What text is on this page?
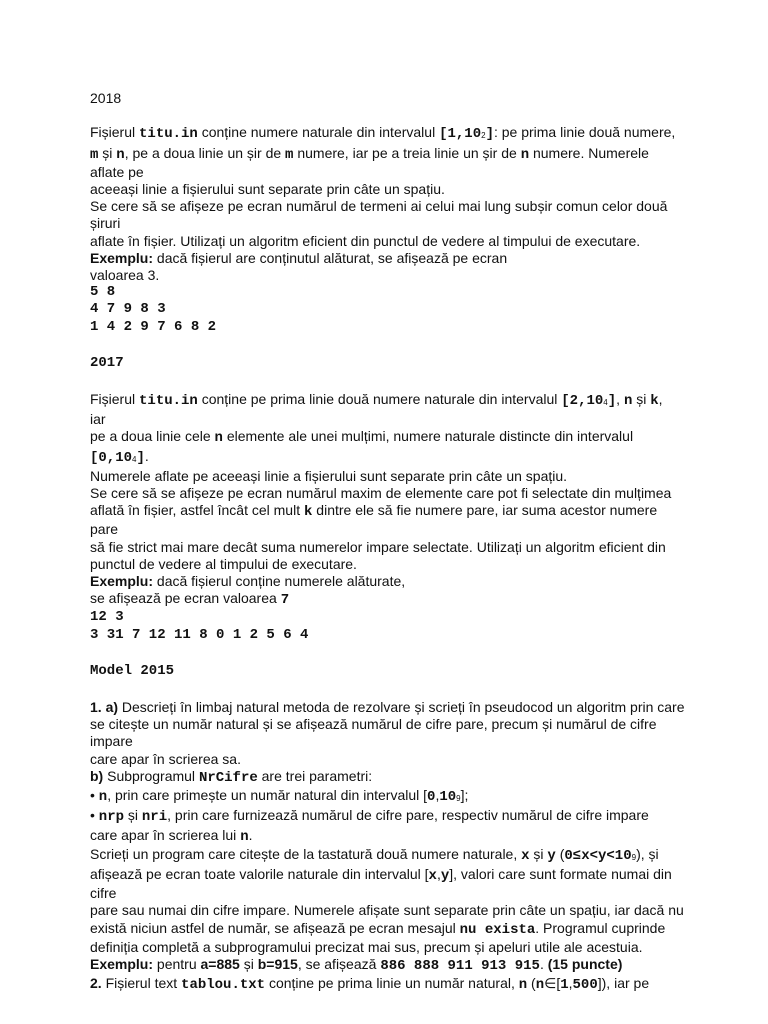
2018
Fișierul titu.in conține numere naturale din intervalul $[1,10_2]$: pe prima linie două numere,
m și n, pe a doua linie un șir de m numere, iar pe a treia linie un șir de n numere. Numerele
aflate pe
aceeași linie a fișierului sunt separate prin câte un spațiu.
Se cere să se afișeze pe ecran numărul de termeni ai celui mai lung subșir comun celor două
șiruri
aflate în fișier. Utilizați un algoritm eficient din punctul de vedere al timpului de executare.
Exemplu: dacă fișierul are conținutul alăturat, se afișează pe ecran
valoarea 3.
5 8
4 7 9 8 3
1 4 2 9 7 6 8 2
2017
Fișierul titu.in conține pe prima linie două numere naturale din intervalul $[2,10_4]$, n și k,
iar
pe a doua linie cele n elemente ale unei mulțimi, numere naturale distincte din intervalul
$[0,10_4]$.
Numerele aflate pe aceeași linie a fișierului sunt separate prin câte un spațiu.
Se cere să se afișeze pe ecran numărul maxim de elemente care pot fi selectate din mulțimea
aflată în fișier, astfel încât cel mult k dintre ele să fie numere pare, iar suma acestor numere
pare
să fie strict mai mare decât suma numerelor impare selectate. Utilizați un algoritm eficient din
punctul de vedere al timpului de executare.
Exemplu: dacă fișierul conține numerele alăturate,
se afișează pe ecran valoarea 7
12 3
3 31 7 12 11 8 0 1 2 5 6 4
Model 2015
1. a) Descrieți în limbaj natural metoda de rezolvare și scrieți în pseudocod un algoritm prin care
se citește un număr natural și se afișează numărul de cifre pare, precum și numărul de cifre
impare
care apar în scrierea sa.
b) Subprogramul NrCifre are trei parametri:
• n, prin care primește un număr natural din intervalul $[0,10_9]$;
• nrp și nri, prin care furnizează numărul de cifre pare, respectiv numărul de cifre impare
care apar în scrierea lui n.
Scrieți un program care citește de la tastatură două numere naturale, x și y $(0\le x<y<10_9)$, și
afișează pe ecran toate valorile naturale din intervalul [x,y], valori care sunt formate numai din
cifre
pare sau numai din cifre impare. Numerele afișate sunt separate prin câte un spațiu, iar dacă nu
există niciun astfel de număr, se afișează pe ecran mesajul nu exista. Programul cuprinde
definiția completă a subprogramului precizat mai sus, precum și apeluri utile ale acestuia.
Exemplu: pentru a=885 și b=915, se afișează 886 888 911 913 915. (15 puncte)
2. Fișierul text tablou.txt conține pe prima linie un număr natural, n (n∈[1,500]), iar pe
